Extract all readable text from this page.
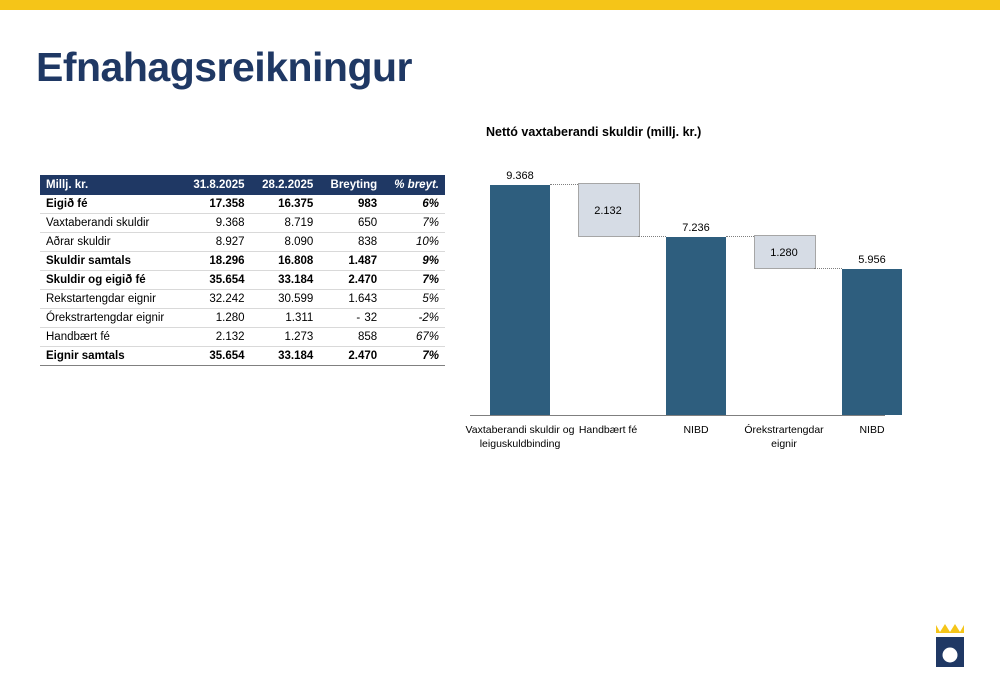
Efnahagsreikningur
Millj. kr.	31.8.2025	28.2.2025	Breyting	% breyt.
Eigið fé	17.358	16.375	983	6%
Vaxtaberandi skuldir	9.368	8.719	650	7%
Aðrar skuldir	8.927	8.090	838	10%
Skuldir samtals	18.296	16.808	1.487	9%
Skuldir og eigið fé	35.654	33.184	2.470	7%
Rekstartengdar eignir	32.242	30.599	1.643	5%
Órekstrartengdar eignir	1.280	1.311	- 32	-2%
Handbært fé	2.132	1.273	858	67%
Eignir samtals	35.654	33.184	2.470	7%
Nettó vaxtaberandi skuldir (millj. kr.)
9.368
2.132
7.236
1.280
5.956
Vaxtaberandi skuldir og leiguskuldbinding
Handbært fé	NIBD	Órekstrartengdar eignir
NIBD
